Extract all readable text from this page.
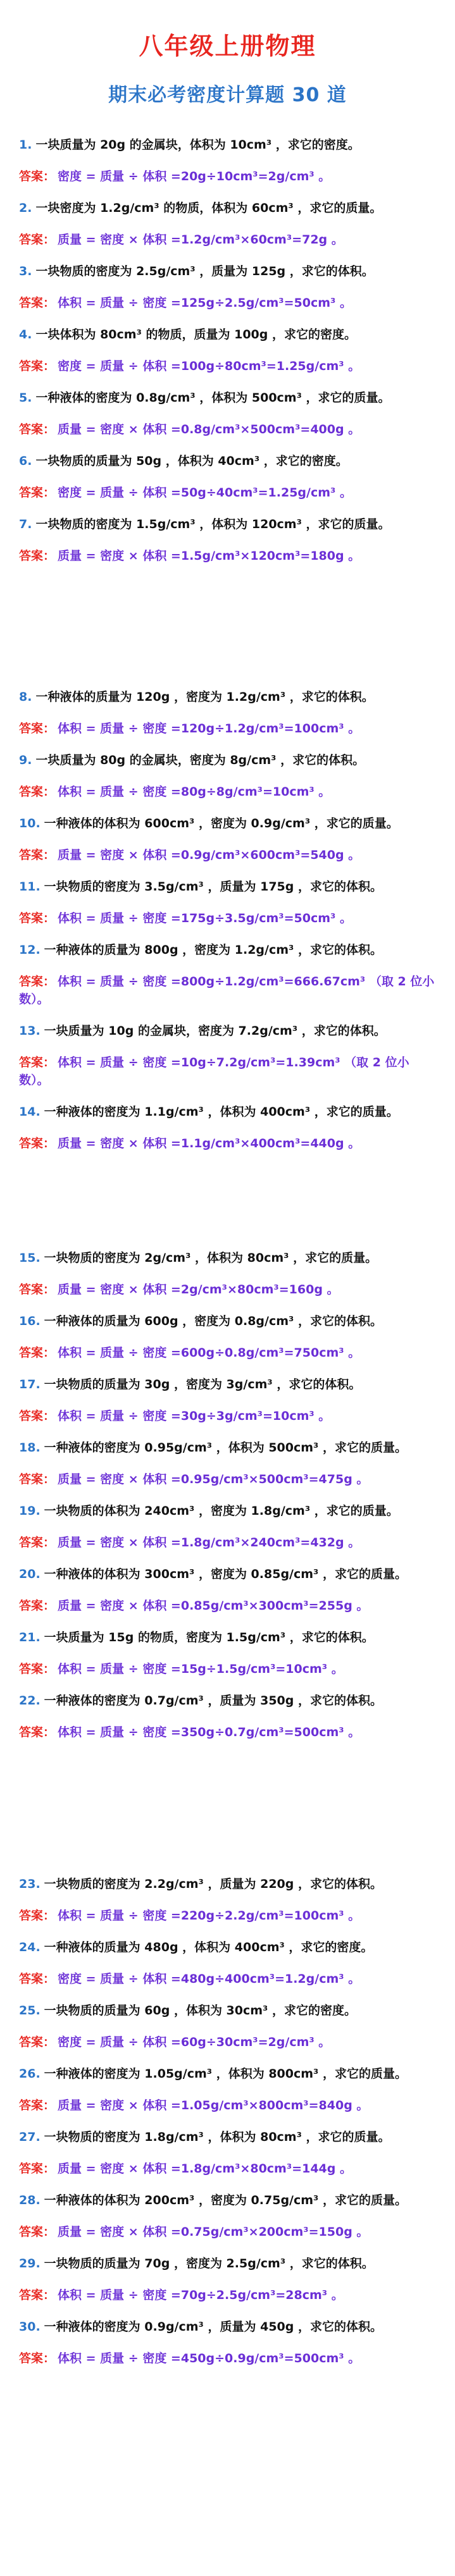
八年级上册物理
期末必考密度计算题 30 道
1. 一块质量为 20g 的金属块，体积为 10cm³ ，求它的密度。
答案： 密度 = 质量 ÷ 体积 =20g÷10cm³=2g/cm³ 。
2. 一块密度为 1.2g/cm³ 的物质，体积为 60cm³ ，求它的质量。
答案： 质量 = 密度 × 体积 =1.2g/cm³×60cm³=72g 。
3. 一块物质的密度为 2.5g/cm³ ，质量为 125g ，求它的体积。
答案： 体积 = 质量 ÷ 密度 =125g÷2.5g/cm³=50cm³ 。
4. 一块体积为 80cm³ 的物质，质量为 100g ，求它的密度。
答案： 密度 = 质量 ÷ 体积 =100g÷80cm³=1.25g/cm³ 。
5. 一种液体的密度为 0.8g/cm³ ，体积为 500cm³ ，求它的质量。
答案： 质量 = 密度 × 体积 =0.8g/cm³×500cm³=400g 。
6. 一块物质的质量为 50g ，体积为 40cm³ ，求它的密度。
答案： 密度 = 质量 ÷ 体积 =50g÷40cm³=1.25g/cm³ 。
7. 一块物质的密度为 1.5g/cm³ ，体积为 120cm³ ，求它的质量。
答案： 质量 = 密度 × 体积 =1.5g/cm³×120cm³=180g 。
8. 一种液体的质量为 120g ，密度为 1.2g/cm³ ，求它的体积。
答案： 体积 = 质量 ÷ 密度 =120g÷1.2g/cm³=100cm³ 。
9. 一块质量为 80g 的金属块，密度为 8g/cm³ ，求它的体积。
答案： 体积 = 质量 ÷ 密度 =80g÷8g/cm³=10cm³ 。
10. 一种液体的体积为 600cm³ ，密度为 0.9g/cm³ ，求它的质量。
答案： 质量 = 密度 × 体积 =0.9g/cm³×600cm³=540g 。
11. 一块物质的密度为 3.5g/cm³ ，质量为 175g ，求它的体积。
答案： 体积 = 质量 ÷ 密度 =175g÷3.5g/cm³=50cm³ 。
12. 一种液体的质量为 800g ，密度为 1.2g/cm³ ，求它的体积。
答案： 体积 = 质量 ÷ 密度 =800g÷1.2g/cm³=666.67cm³ （取 2 位小数）。
13. 一块质量为 10g 的金属块，密度为 7.2g/cm³ ，求它的体积。
答案： 体积 = 质量 ÷ 密度 =10g÷7.2g/cm³=1.39cm³ （取 2 位小数）。
14. 一种液体的密度为 1.1g/cm³ ，体积为 400cm³ ，求它的质量。
答案： 质量 = 密度 × 体积 =1.1g/cm³×400cm³=440g 。
15. 一块物质的密度为 2g/cm³ ，体积为 80cm³ ，求它的质量。
答案： 质量 = 密度 × 体积 =2g/cm³×80cm³=160g 。
16. 一种液体的质量为 600g ，密度为 0.8g/cm³ ，求它的体积。
答案： 体积 = 质量 ÷ 密度 =600g÷0.8g/cm³=750cm³ 。
17. 一块物质的质量为 30g ，密度为 3g/cm³ ，求它的体积。
答案： 体积 = 质量 ÷ 密度 =30g÷3g/cm³=10cm³ 。
18. 一种液体的密度为 0.95g/cm³ ，体积为 500cm³ ，求它的质量。
答案： 质量 = 密度 × 体积 =0.95g/cm³×500cm³=475g 。
19. 一块物质的体积为 240cm³ ，密度为 1.8g/cm³ ，求它的质量。
答案： 质量 = 密度 × 体积 =1.8g/cm³×240cm³=432g 。
20. 一种液体的体积为 300cm³ ，密度为 0.85g/cm³ ，求它的质量。
答案： 质量 = 密度 × 体积 =0.85g/cm³×300cm³=255g 。
21. 一块质量为 15g 的物质，密度为 1.5g/cm³ ，求它的体积。
答案： 体积 = 质量 ÷ 密度 =15g÷1.5g/cm³=10cm³ 。
22. 一种液体的密度为 0.7g/cm³ ，质量为 350g ，求它的体积。
答案： 体积 = 质量 ÷ 密度 =350g÷0.7g/cm³=500cm³ 。
23. 一块物质的密度为 2.2g/cm³ ，质量为 220g ，求它的体积。
答案： 体积 = 质量 ÷ 密度 =220g÷2.2g/cm³=100cm³ 。
24. 一种液体的质量为 480g ，体积为 400cm³ ，求它的密度。
答案： 密度 = 质量 ÷ 体积 =480g÷400cm³=1.2g/cm³ 。
25. 一块物质的质量为 60g ，体积为 30cm³ ，求它的密度。
答案： 密度 = 质量 ÷ 体积 =60g÷30cm³=2g/cm³ 。
26. 一种液体的密度为 1.05g/cm³ ，体积为 800cm³ ，求它的质量。
答案： 质量 = 密度 × 体积 =1.05g/cm³×800cm³=840g 。
27. 一块物质的密度为 1.8g/cm³ ，体积为 80cm³ ，求它的质量。
答案： 质量 = 密度 × 体积 =1.8g/cm³×80cm³=144g 。
28. 一种液体的体积为 200cm³ ，密度为 0.75g/cm³ ，求它的质量。
答案： 质量 = 密度 × 体积 =0.75g/cm³×200cm³=150g 。
29. 一块物质的质量为 70g ，密度为 2.5g/cm³ ，求它的体积。
答案： 体积 = 质量 ÷ 密度 =70g÷2.5g/cm³=28cm³ 。
30. 一种液体的密度为 0.9g/cm³ ，质量为 450g ，求它的体积。
答案： 体积 = 质量 ÷ 密度 =450g÷0.9g/cm³=500cm³ 。
